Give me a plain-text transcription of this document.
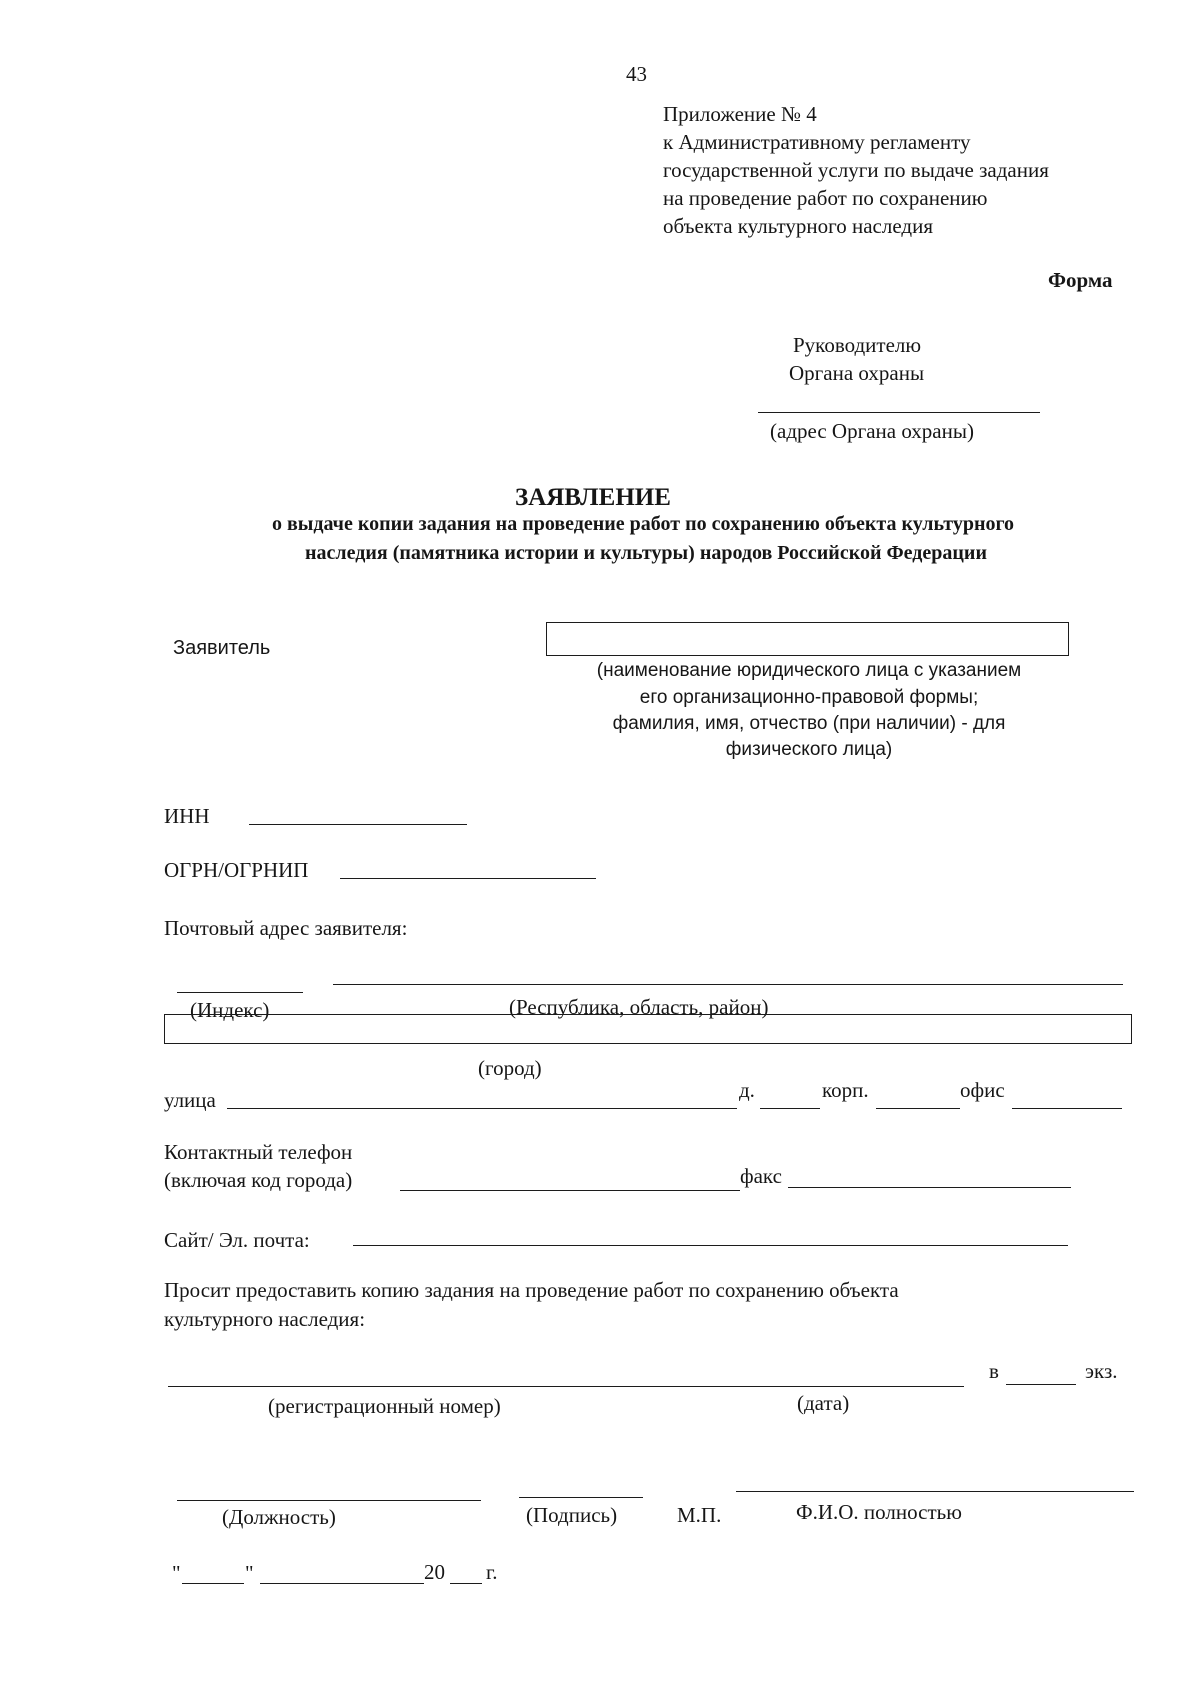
43
Приложение № 4
к Административному регламенту
государственной услуги по выдаче задания
на проведение работ по сохранению
объекта культурного наследия
Форма
Руководителю
Органа охраны
(адрес Органа охраны)
ЗАЯВЛЕНИЕ
о выдаче копии задания на проведение работ по сохранению объекта культурного
наследия (памятника истории и культуры) народов Российской Федерации
Заявитель
(наименование юридического лица с указанием
его организационно-правовой формы;
фамилия, имя, отчество (при наличии) - для
физического лица)
ИНН
ОГРН/ОГРНИП
Почтовый адрес заявителя:
(Индекс)	(Республика, область, район)
(город)
улица	д.	корп.	офис
Контактный телефон
(включая код города)	факс
Сайт/ Эл. почта:
Просит предоставить копию задания на проведение работ по сохранению объекта
культурного наследия:
в	экз.
(регистрационный номер)	(дата)
(Должность)	(Подпись)	М.П.	Ф.И.О. полностью
"	"	20 г.
